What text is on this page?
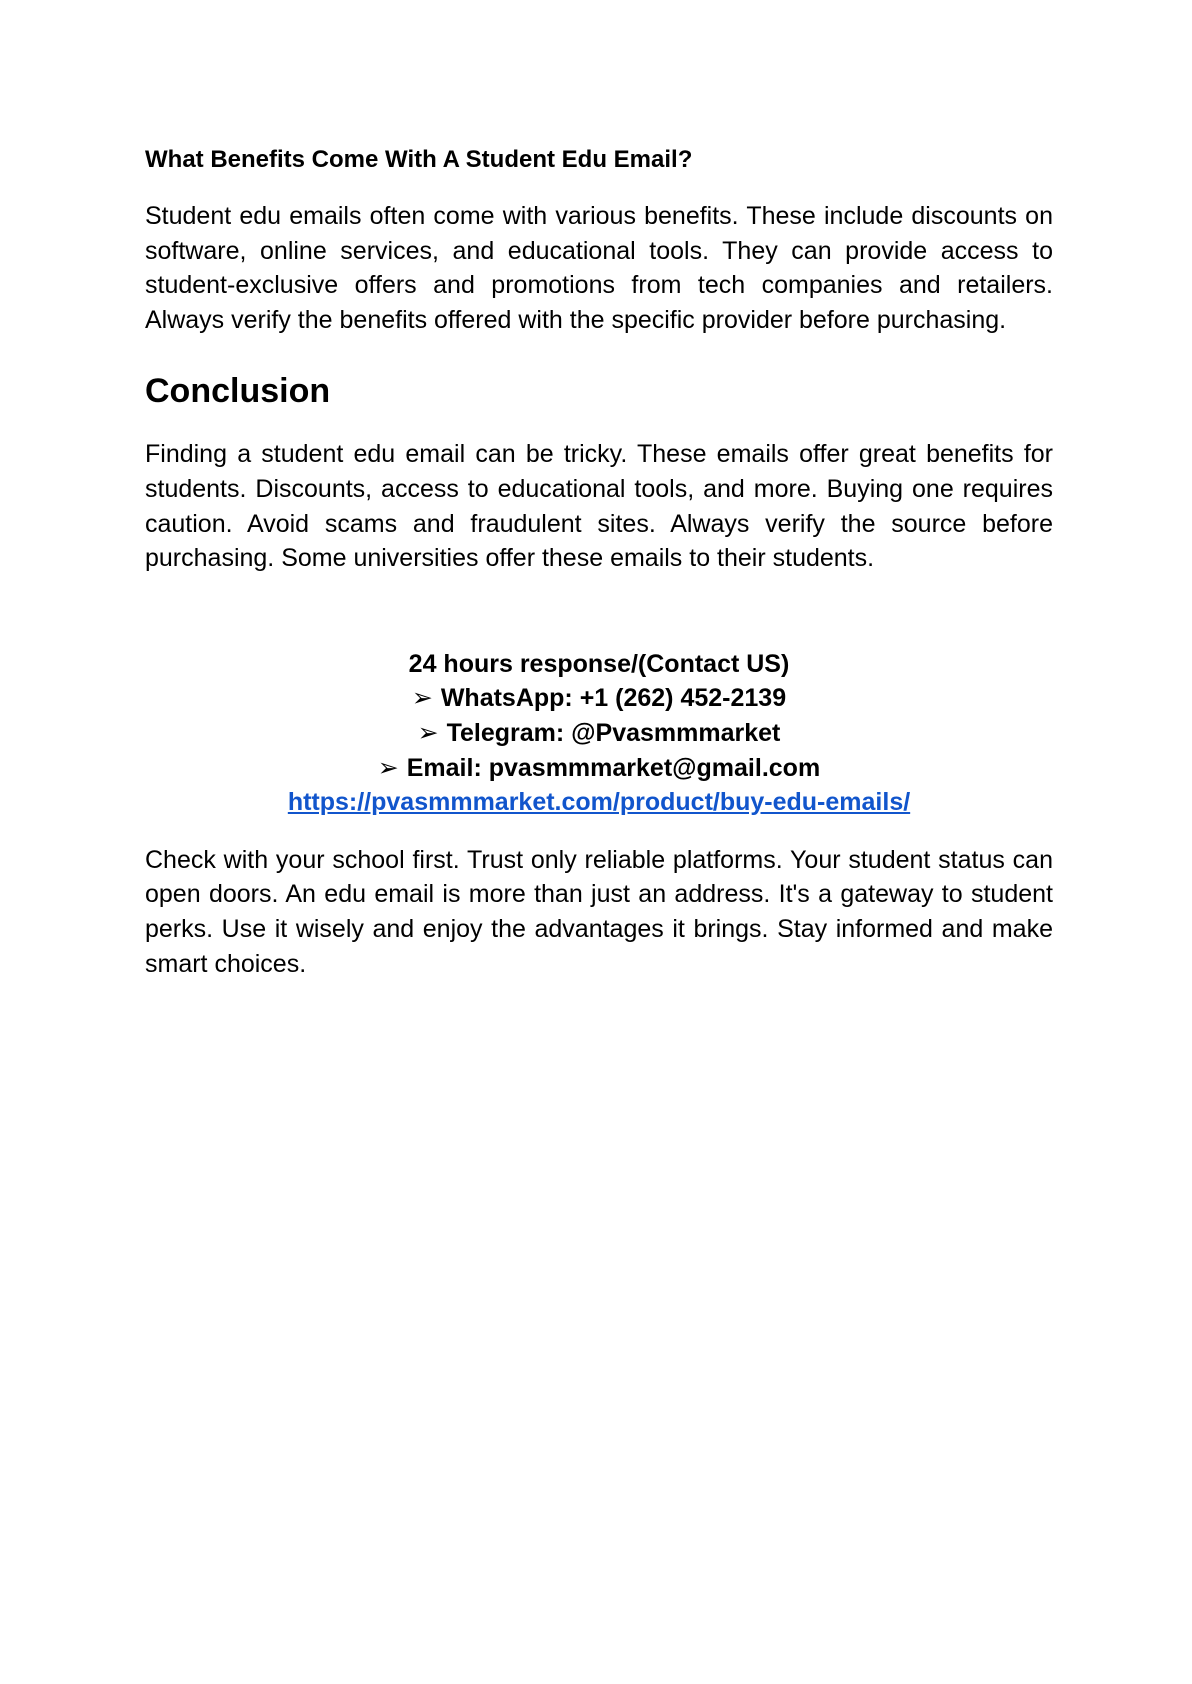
What Benefits Come With A Student Edu Email?

Student edu emails often come with various benefits. These include discounts on software, online services, and educational tools. They can provide access to student-exclusive offers and promotions from tech companies and retailers. Always verify the benefits offered with the specific provider before purchasing.

Conclusion

Finding a student edu email can be tricky. These emails offer great benefits for students. Discounts, access to educational tools, and more. Buying one requires caution. Avoid scams and fraudulent sites. Always verify the source before purchasing. Some universities offer these emails to their students.

24 hours response/(Contact US)

➢ WhatsApp: +1 (262) 452-2139

➢ Telegram: @Pvasmmmarket

➢ Email: pvasmmmarket@gmail.com

https://pvasmmmarket.com/product/buy-edu-emails/

Check with your school first. Trust only reliable platforms. Your student status can open doors. An edu email is more than just an address. It's a gateway to student perks. Use it wisely and enjoy the advantages it brings. Stay informed and make smart choices.
